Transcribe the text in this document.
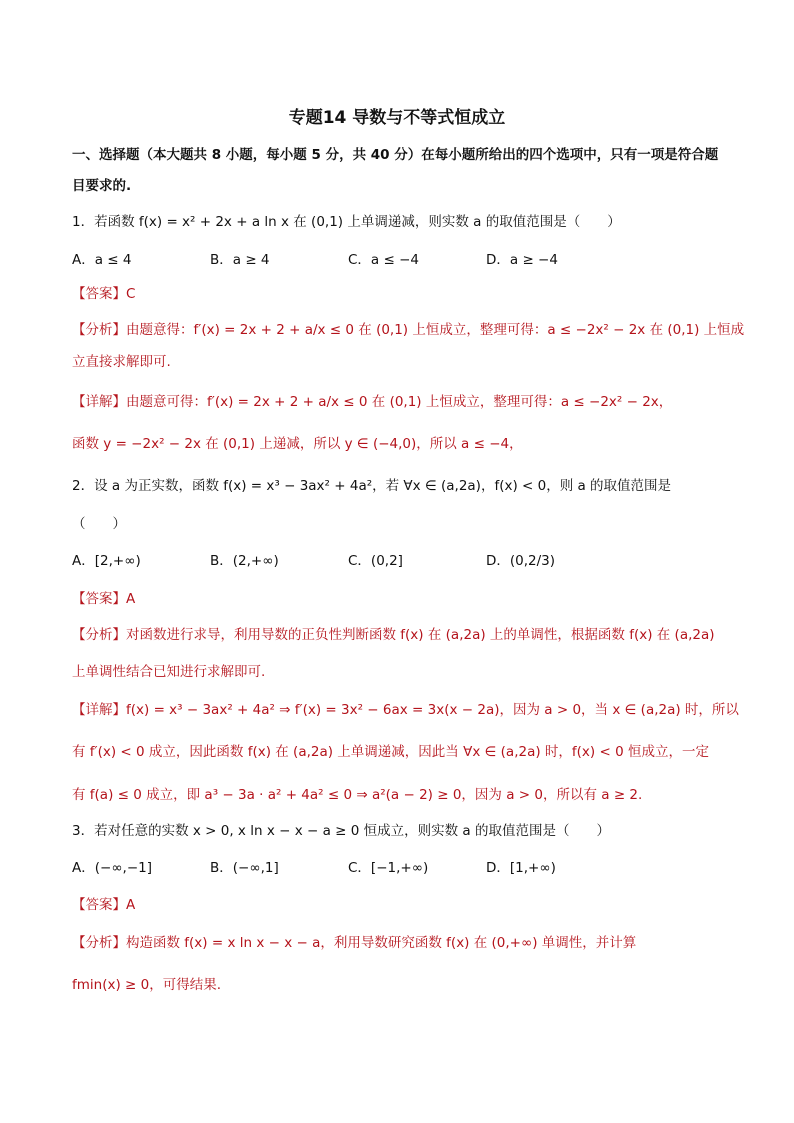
专题14 导数与不等式恒成立
一、选择题（本大题共 8 小题，每小题 5 分，共 40 分）在每小题所给出的四个选项中，只有一项是符合题
目要求的.
1．若函数 f(x) = x² + 2x + a ln x 在 (0,1) 上单调递减，则实数 a 的取值范围是（　　）
A．a ≤ 4	B．a ≥ 4	C．a ≤ −4	D．a ≥ −4
【答案】C
【分析】由题意得：f′(x) = 2x + 2 + a/x ≤ 0 在 (0,1) 上恒成立，整理可得：a ≤ −2x² − 2x 在 (0,1) 上恒成
立直接求解即可.
【详解】由题意可得：f′(x) = 2x + 2 + a/x ≤ 0 在 (0,1) 上恒成立，整理可得：a ≤ −2x² − 2x，
函数 y = −2x² − 2x 在 (0,1) 上递减，所以 y ∈ (−4,0)，所以 a ≤ −4，
2．设 a 为正实数，函数 f(x) = x³ − 3ax² + 4a²，若 ∀x ∈ (a,2a)，f(x) < 0，则 a 的取值范围是
（　　）
A．[2,+∞)	B．(2,+∞)	C．(0,2]	D．(0,2/3)
【答案】A
【分析】对函数进行求导，利用导数的正负性判断函数 f(x) 在 (a,2a) 上的单调性，根据函数 f(x) 在 (a,2a)
上单调性结合已知进行求解即可.
【详解】f(x) = x³ − 3ax² + 4a² ⇒ f′(x) = 3x² − 6ax = 3x(x − 2a)，因为 a > 0，当 x ∈ (a,2a) 时，所以
有 f′(x) < 0 成立，因此函数 f(x) 在 (a,2a) 上单调递减，因此当 ∀x ∈ (a,2a) 时，f(x) < 0 恒成立，一定
有 f(a) ≤ 0 成立，即 a³ − 3a · a² + 4a² ≤ 0 ⇒ a²(a − 2) ≥ 0，因为 a > 0，所以有 a ≥ 2.
3．若对任意的实数 x > 0, x ln x − x − a ≥ 0 恒成立，则实数 a 的取值范围是（　　）
A．(−∞,−1]	B．(−∞,1]	C．[−1,+∞)	D．[1,+∞)
【答案】A
【分析】构造函数 f(x) = x ln x − x − a，利用导数研究函数 f(x) 在 (0,+∞) 单调性，并计算
fmin(x) ≥ 0，可得结果.
